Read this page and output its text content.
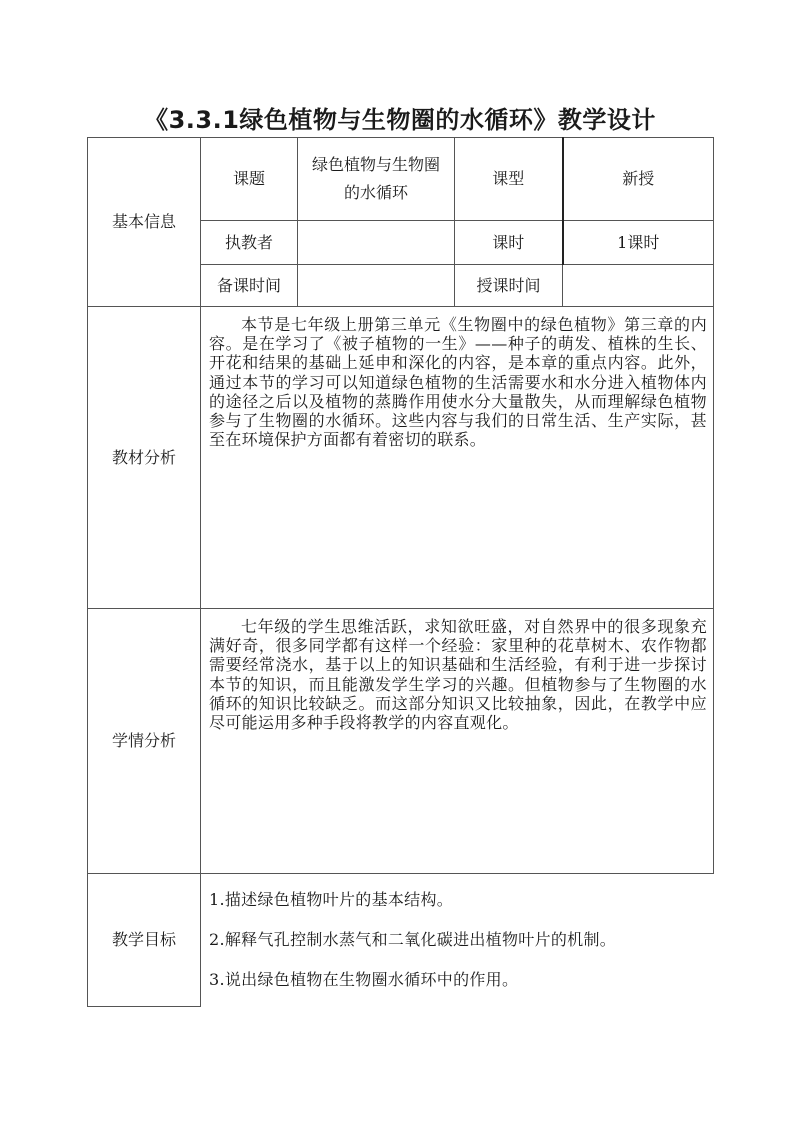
《3.3.1绿色植物与生物圈的水循环》教学设计
基本信息	课题	绿色植物与生物圈的水循环	课型	新授
	执教者		课时	1课时
	备课时间		授课时间	
教材分析	本节是七年级上册第三单元《生物圈中的绿色植物》第三章的内容。是在学习了《被子植物的一生》——种子的萌发、植株的生长、开花和结果的基础上延申和深化的内容，是本章的重点内容。此外，通过本节的学习可以知道绿色植物的生活需要水和水分进入植物体内的途径之后以及植物的蒸腾作用使水分大量散失，从而理解绿色植物参与了生物圈的水循环。这些内容与我们的日常生活、生产实际，甚至在环境保护方面都有着密切的联系。			

学情分析	七年级的学生思维活跃，求知欲旺盛，对自然界中的很多现象充满好奇，很多同学都有这样一个经验：家里种的花草树木、农作物都需要经常浇水，基于以上的知识基础和生活经验，有利于进一步探讨本节的知识，而且能激发学生学习的兴趣。但植物参与了生物圈的水循环的知识比较缺乏。而这部分知识又比较抽象，因此，在教学中应尽可能运用多种手段将教学的内容直观化。			

教学目标	1.描述绿色植物叶片的基本结构。
2.解释气孔控制水蒸气和二氧化碳进出植物叶片的机制。
3.说出绿色植物在生物圈水循环中的作用。			
